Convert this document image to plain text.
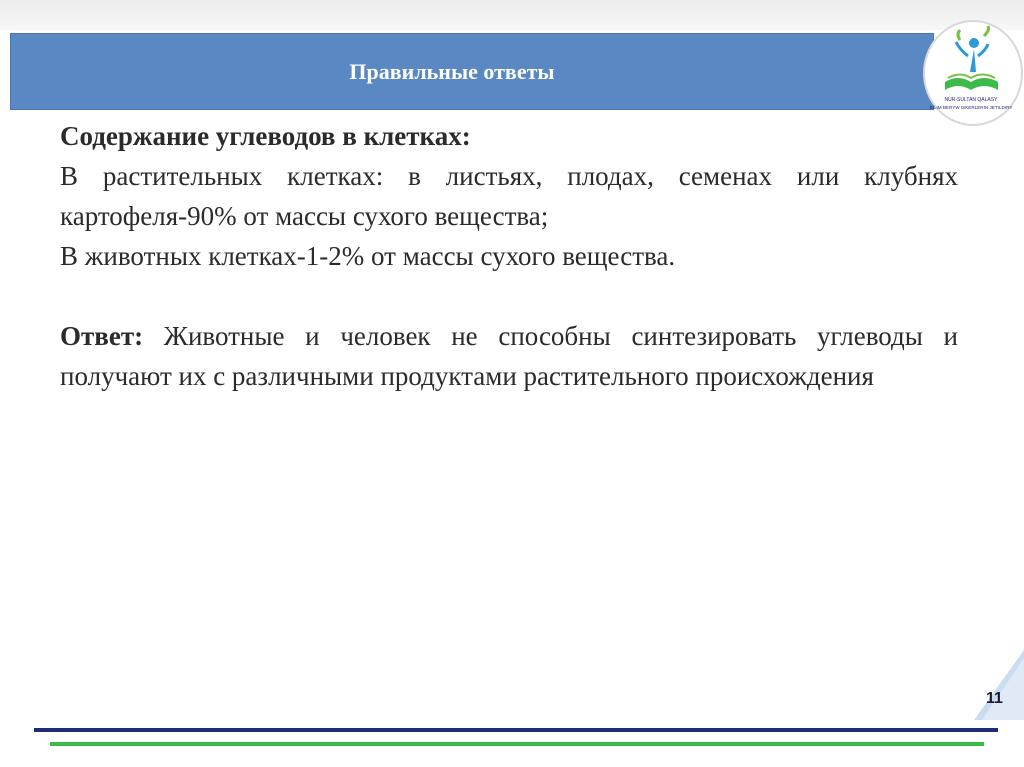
Правильные ответы
NUR-SULTAN QALASY
BILIM BERYW ISKERLERIN JETILDIRY

Содержание углеводов в клетках:

В растительных клетках: в листьях, плодах, семенах или клубнях картофеля-90% от массы сухого вещества;

В животных клетках-1-2% от массы сухого вещества.

Ответ: Животные и человек не способны синтезировать углеводы и получают их с различными продуктами растительного происхождения

11
